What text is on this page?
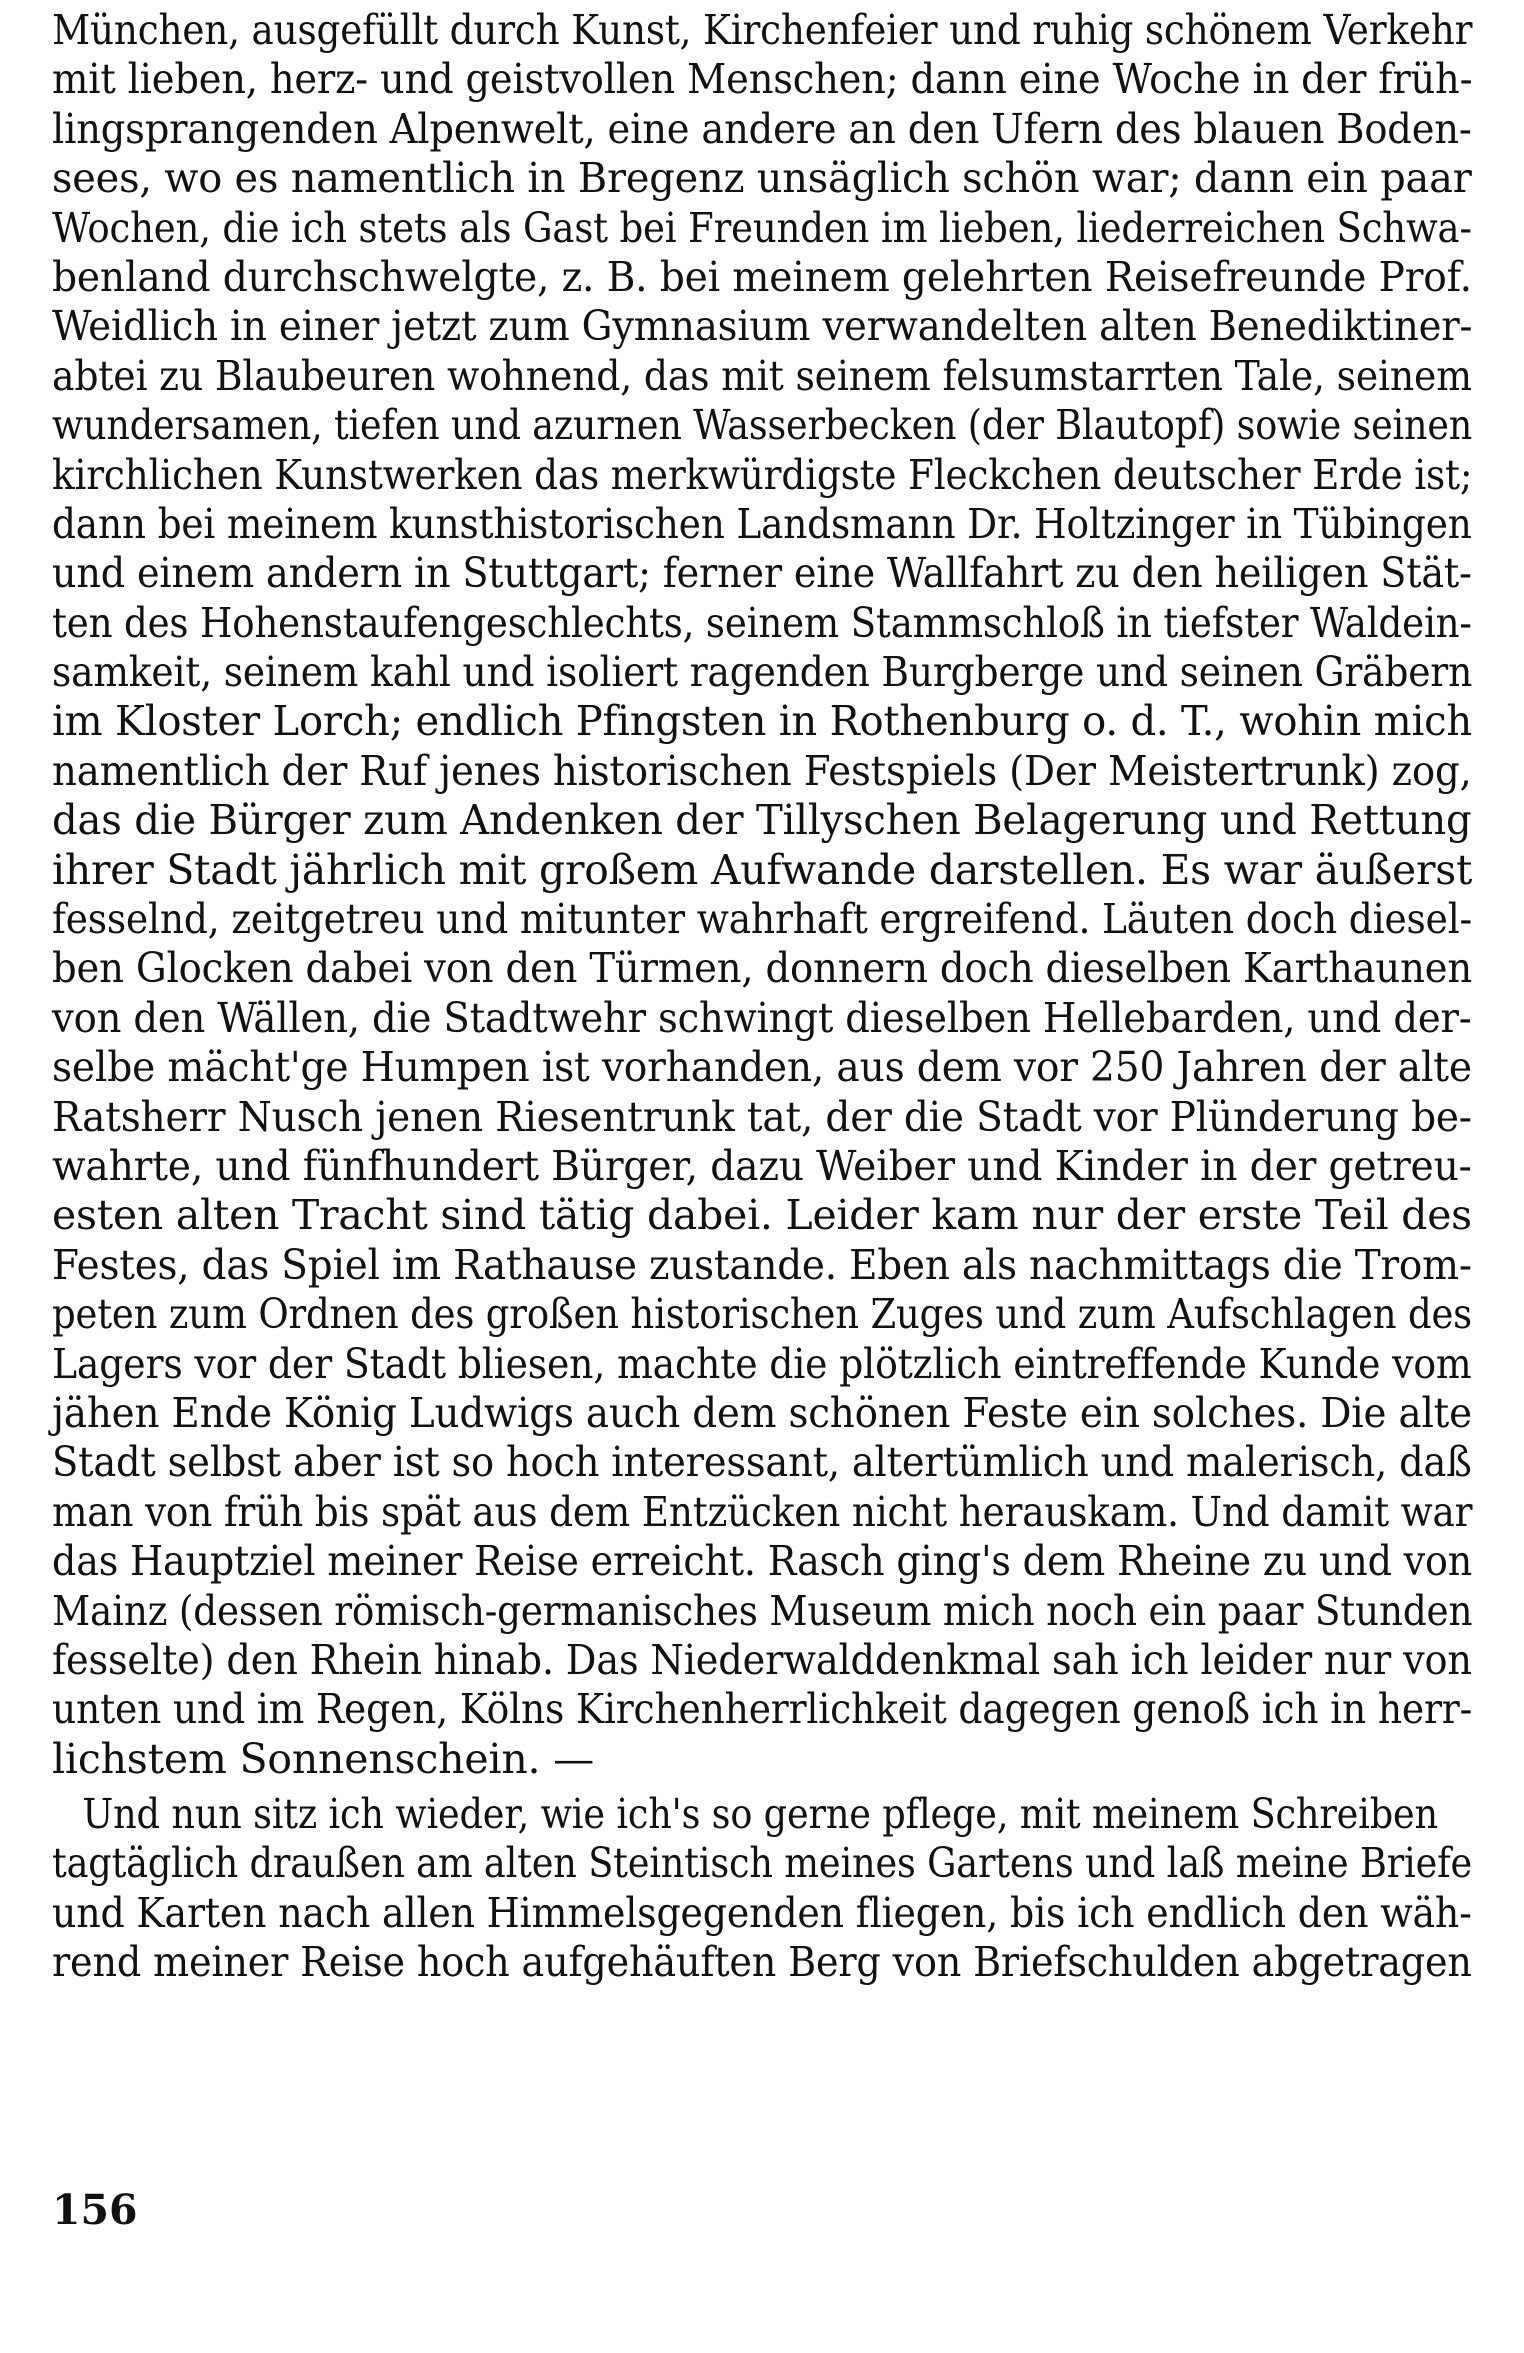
München, ausgefüllt durch Kunst, Kirchenfeier und ruhig schönem Verkehr
mit lieben, herz- und geistvollen Menschen; dann eine Woche in der früh-
lingsprangenden Alpenwelt, eine andere an den Ufern des blauen Boden-
sees, wo es namentlich in Bregenz unsäglich schön war; dann ein paar
Wochen, die ich stets als Gast bei Freunden im lieben, liederreichen Schwa-
benland durchschwelgte, z. B. bei meinem gelehrten Reisefreunde Prof.
Weidlich in einer jetzt zum Gymnasium verwandelten alten Benediktiner-
abtei zu Blaubeuren wohnend, das mit seinem felsumstarrten Tale, seinem
wundersamen, tiefen und azurnen Wasserbecken (der Blautopf) sowie seinen
kirchlichen Kunstwerken das merkwürdigste Fleckchen deutscher Erde ist;
dann bei meinem kunsthistorischen Landsmann Dr. Holtzinger in Tübingen
und einem andern in Stuttgart; ferner eine Wallfahrt zu den heiligen Stät-
ten des Hohenstaufengeschlechts, seinem Stammschloß in tiefster Waldein-
samkeit, seinem kahl und isoliert ragenden Burgberge und seinen Gräbern
im Kloster Lorch; endlich Pfingsten in Rothenburg o. d. T., wohin mich
namentlich der Ruf jenes historischen Festspiels (Der Meistertrunk) zog,
das die Bürger zum Andenken der Tillyschen Belagerung und Rettung
ihrer Stadt jährlich mit großem Aufwande darstellen. Es war äußerst
fesselnd, zeitgetreu und mitunter wahrhaft ergreifend. Läuten doch diesel-
ben Glocken dabei von den Türmen, donnern doch dieselben Karthaunen
von den Wällen, die Stadtwehr schwingt dieselben Hellebarden, und der-
selbe mächt'ge Humpen ist vorhanden, aus dem vor 250 Jahren der alte
Ratsherr Nusch jenen Riesentrunk tat, der die Stadt vor Plünderung be-
wahrte, und fünfhundert Bürger, dazu Weiber und Kinder in der getreu-
esten alten Tracht sind tätig dabei. Leider kam nur der erste Teil des
Festes, das Spiel im Rathause zustande. Eben als nachmittags die Trom-
peten zum Ordnen des großen historischen Zuges und zum Aufschlagen des
Lagers vor der Stadt bliesen, machte die plötzlich eintreffende Kunde vom
jähen Ende König Ludwigs auch dem schönen Feste ein solches. Die alte
Stadt selbst aber ist so hoch interessant, altertümlich und malerisch, daß
man von früh bis spät aus dem Entzücken nicht herauskam. Und damit war
das Hauptziel meiner Reise erreicht. Rasch ging's dem Rheine zu und von
Mainz (dessen römisch-germanisches Museum mich noch ein paar Stunden
fesselte) den Rhein hinab. Das Niederwalddenkmal sah ich leider nur von
unten und im Regen, Kölns Kirchenherrlichkeit dagegen genoß ich in herr-
lichstem Sonnenschein. —
Und nun sitz ich wieder, wie ich's so gerne pflege, mit meinem Schreiben
tagtäglich draußen am alten Steintisch meines Gartens und laß meine Briefe
und Karten nach allen Himmelsgegenden fliegen, bis ich endlich den wäh-
rend meiner Reise hoch aufgehäuften Berg von Briefschulden abgetragen
156
